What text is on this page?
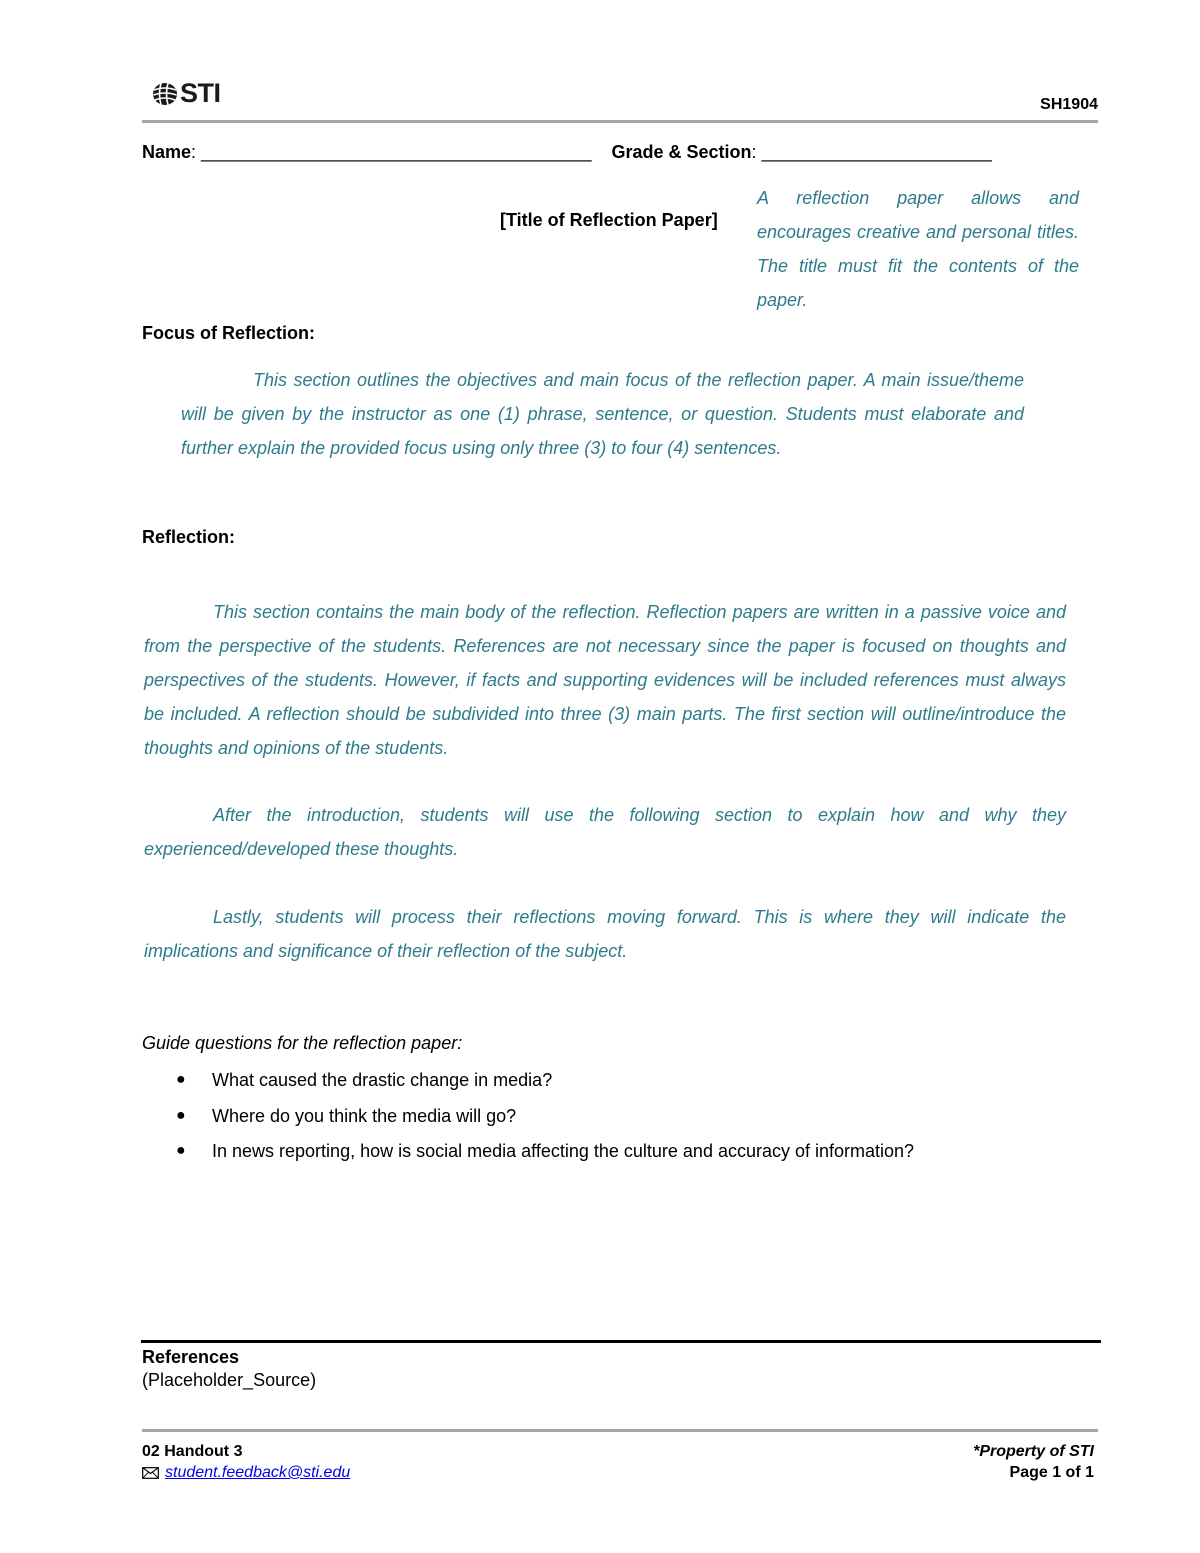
STI	SH1904
Name: _______________________________________ Grade & Section: _______________________
[Title of Reflection Paper]

A reflection paper allows and encourages creative and personal titles. The title must fit the contents of the paper.

Focus of Reflection:

This section outlines the objectives and main focus of the reflection paper. A main issue/theme will be given by the instructor as one (1) phrase, sentence, or question. Students must elaborate and further explain the provided focus using only three (3) to four (4) sentences.

Reflection:

This section contains the main body of the reflection. Reflection papers are written in a passive voice and from the perspective of the students. References are not necessary since the paper is focused on thoughts and perspectives of the students. However, if facts and supporting evidences will be included references must always be included. A reflection should be subdivided into three (3) main parts. The first section will outline/introduce the thoughts and opinions of the students.

After the introduction, students will use the following section to explain how and why they experienced/developed these thoughts.

Lastly, students will process their reflections moving forward. This is where they will indicate the implications and significance of their reflection of the subject.

Guide questions for the reflection paper:
● What caused the drastic change in media?
● Where do you think the media will go?
● In news reporting, how is social media affecting the culture and accuracy of information?
References
(Placeholder_Source)
02 Handout 3
student.feedback@sti.edu
*Property of STI
Page 1 of 1
